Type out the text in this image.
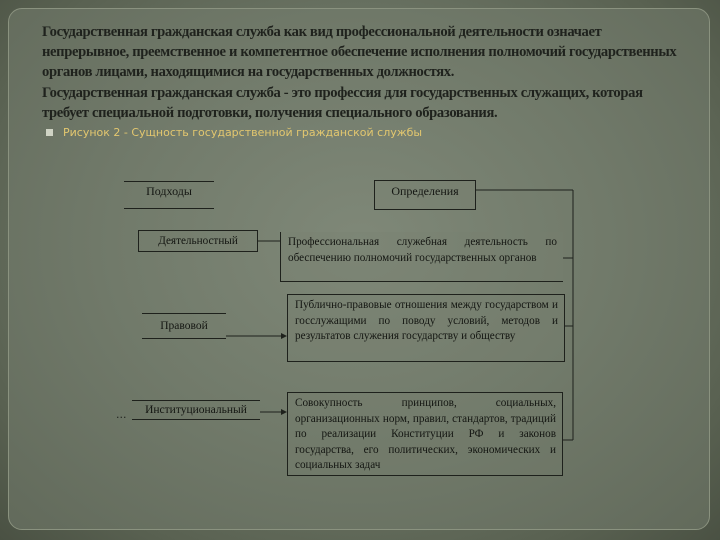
Государственная гражданская служба как вид профессиональной деятельности означает непрерывное, преемственное и компетентное обеспечение исполнения полномочий государственных органов лицами, находящимися на государственных должностях.

Государственная гражданская служба - это профессия для государственных служащих, которая требует специальной подготовки, получения специального образования.

Рисунок 2 - Сущность государственной гражданской службы
Подходы	Определения
Деятельностный
Правовой
Институциональный
...
Профессиональная служебная деятельность по обеспечению полномочий государственных органов
Публично-правовые отношения между государством и госслужащими по поводу условий, методов и результатов служения государству и обществу
Совокупность принципов, социальных, организационных норм, правил, стандартов, традиций по реализации Конституции РФ и законов государства, его политических, экономических и социальных задач
